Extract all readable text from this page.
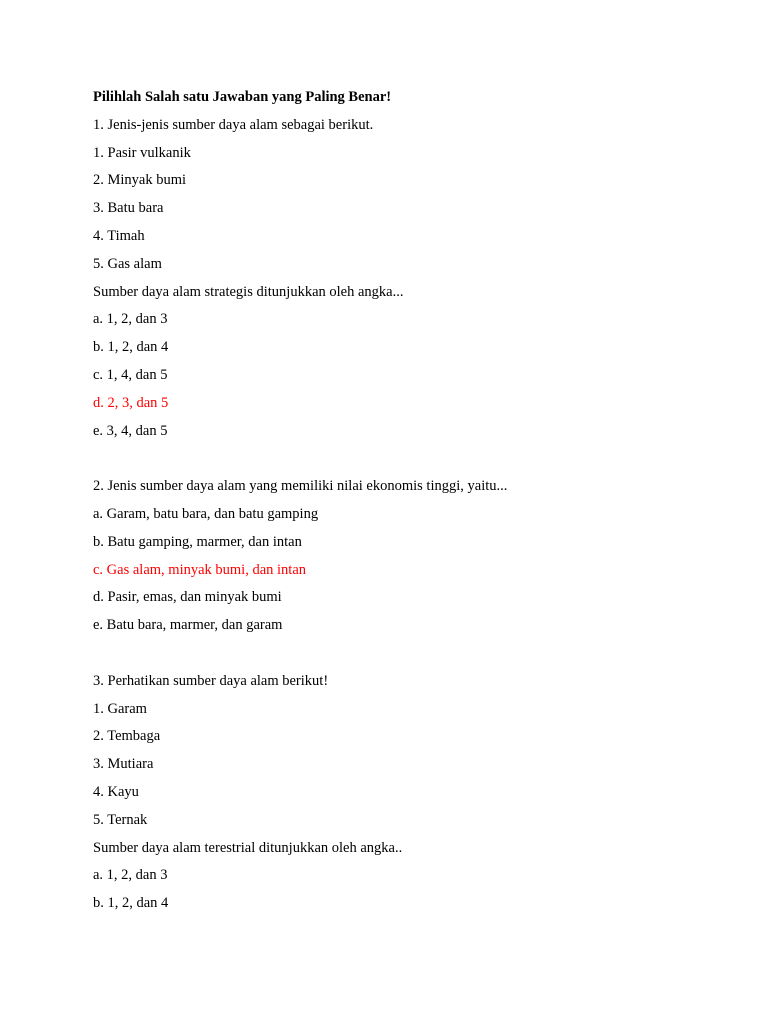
Pilihlah Salah satu Jawaban yang Paling Benar!
1. Jenis-jenis sumber daya alam sebagai berikut.
1. Pasir vulkanik
2. Minyak bumi
3. Batu bara
4. Timah
5. Gas alam
Sumber daya alam strategis ditunjukkan oleh angka...
a. 1, 2, dan 3
b. 1, 2, dan 4
c. 1, 4, dan 5
d. 2, 3, dan 5
e. 3, 4, dan 5
2. Jenis sumber daya alam yang memiliki nilai ekonomis tinggi, yaitu...
a. Garam, batu bara, dan batu gamping
b. Batu gamping, marmer, dan intan
c. Gas alam, minyak bumi, dan intan
d. Pasir, emas, dan minyak bumi
e. Batu bara, marmer, dan garam
3. Perhatikan sumber daya alam berikut!
1. Garam
2. Tembaga
3. Mutiara
4. Kayu
5. Ternak
Sumber daya alam terestrial ditunjukkan oleh angka..
a. 1, 2, dan 3
b. 1, 2, dan 4
